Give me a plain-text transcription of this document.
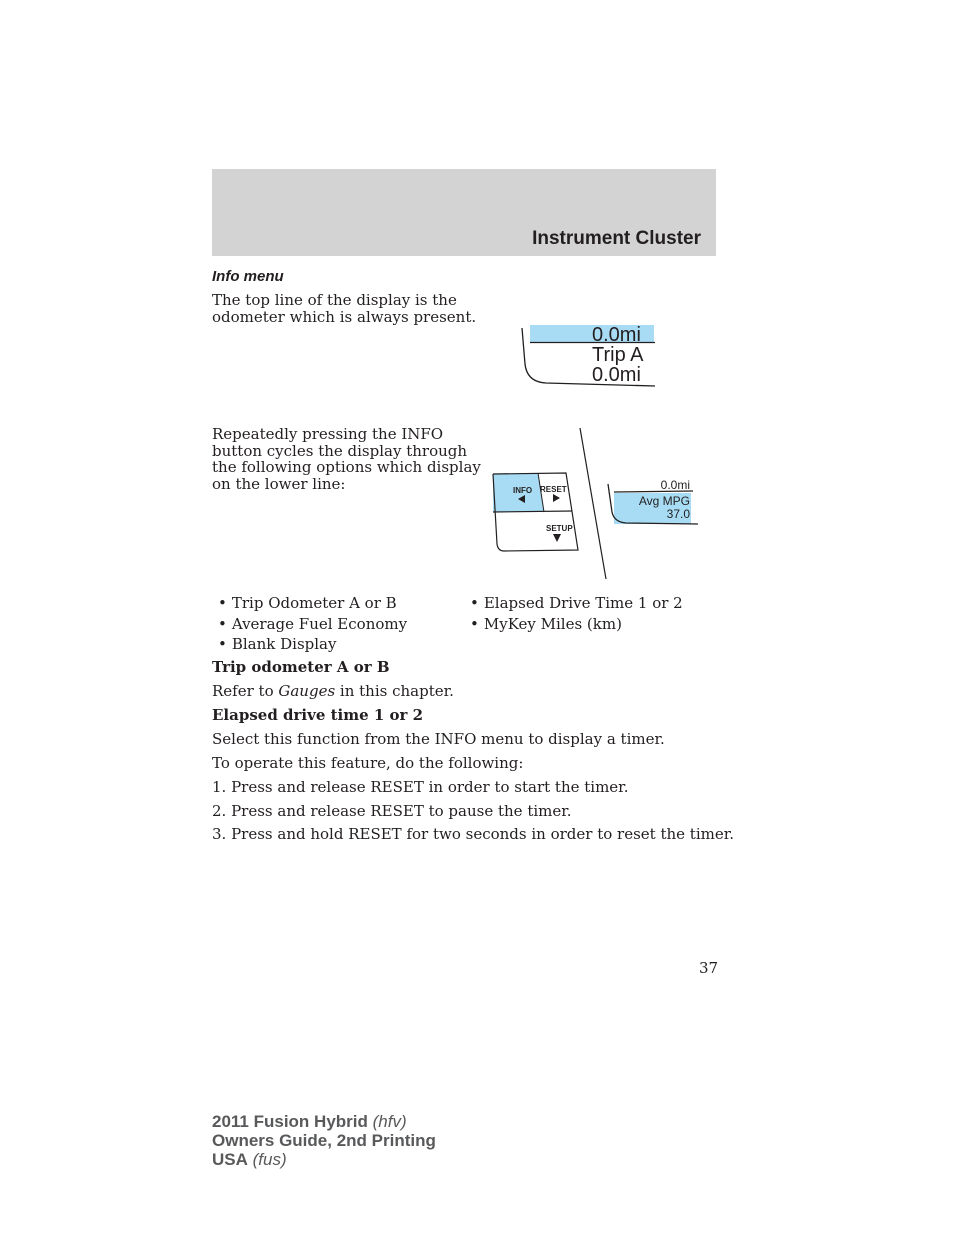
Instrument Cluster
Info menu
The top line of the display is the
odometer which is always present.
0.0mi
Trip A
0.0mi
Repeatedly pressing the INFO
button cycles the display through
the following options which display
on the lower line:	INFO RESET
SETUP
0.0mi
Avg MPG
37.0
• Trip Odometer A or B
• Average Fuel Economy
• Blank Display
• Elapsed Drive Time 1 or 2
• MyKey Miles (km)
Trip odometer A or B
Refer to Gauges in this chapter.
Elapsed drive time 1 or 2
Select this function from the INFO menu to display a timer.
To operate this feature, do the following:
1. Press and release RESET in order to start the timer.
2. Press and release RESET to pause the timer.
3. Press and hold RESET for two seconds in order to reset the timer.
37
2011 Fusion Hybrid (hfv)
Owners Guide, 2nd Printing
USA (fus)
